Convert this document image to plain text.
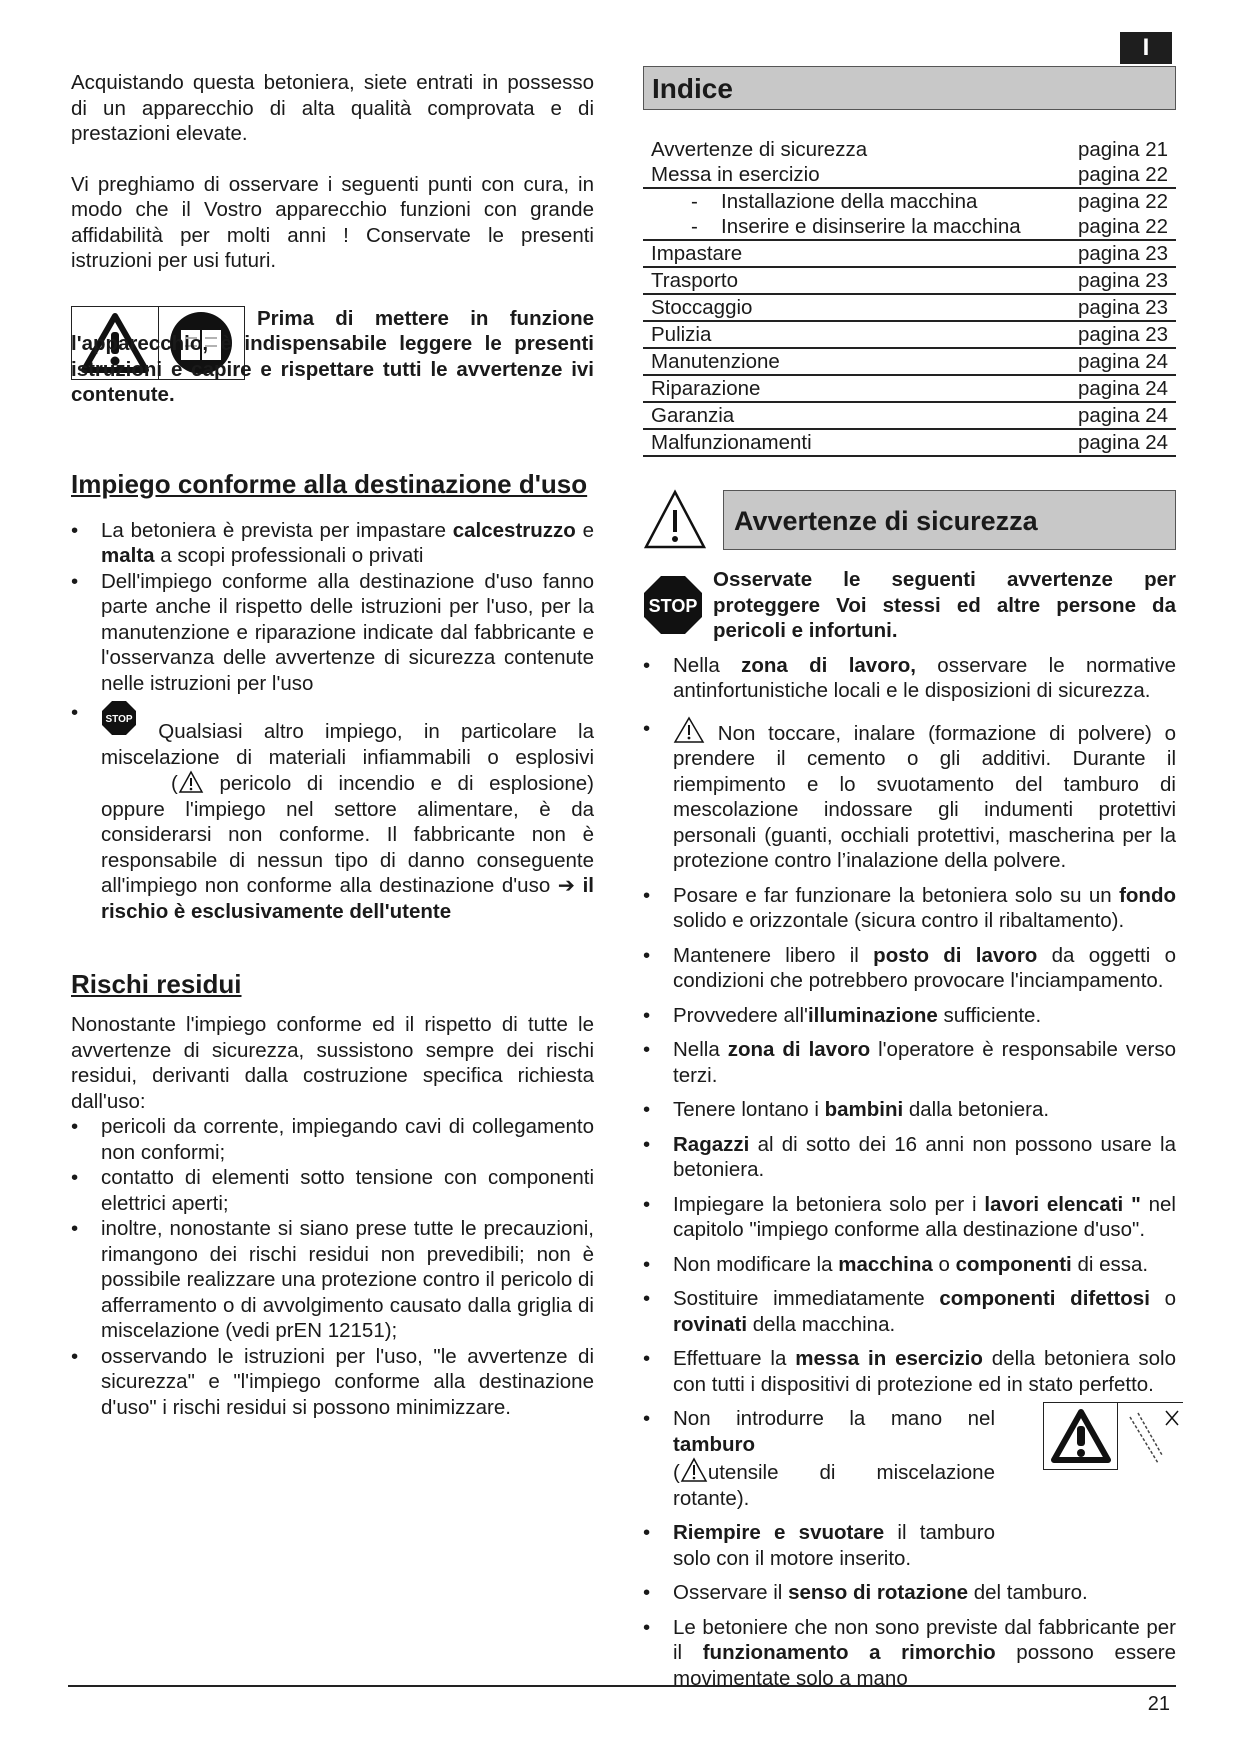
I

Acquistando questa betoniera, siete entrati in possesso di un apparecchio di alta qualità comprovata e di prestazioni elevate.

Vi preghiamo di osservare i seguenti punti con cura, in modo che il Vostro apparecchio funzioni con grande affidabilità per molti anni ! Conservate le presenti istruzioni per usi futuri.

Prima di mettere in funzione l'apparecchio, è indispensabile leggere le presenti istruzioni e capire e rispettare tutti le avvertenze ivi contenute.

Impiego conforme alla destinazione d'uso
• La betoniera è prevista per impastare calcestruzzo e malta a scopi professionali o privati
• Dell'impiego conforme alla destinazione d'uso fanno parte anche il rispetto delle istruzioni per l'uso, per la manutenzione e riparazione indicate dal fabbricante e l'osservanza delle avvertenze di sicurezza contenute nelle istruzioni per l'uso
• STOP
Qualsiasi altro impiego, in particolare la miscelazione di materiali infiammabili o esplosivi ( pericolo di incendio e di esplosione) oppure l'impiego nel settore alimentare, è da considerarsi non conforme. Il fabbricante non è responsabile di nessun tipo di danno conseguente all'impiego non conforme alla destinazione d'uso ➔ il rischio è esclusivamente dell'utente
Rischi residui

Nonostante l'impiego conforme ed il rispetto di tutte le avvertenze di sicurezza, sussistono sempre dei rischi residui, derivanti dalla costruzione specifica richiesta dall'uso:

• pericoli da corrente, impiegando cavi di collegamento non conformi;
• contatto di elementi sotto tensione con componenti elettrici aperti;
• inoltre, nonostante si siano prese tutte le precauzioni, rimangono dei rischi residui non prevedibili; non è possibile realizzare una protezione contro il pericolo di afferramento o di avvolgimento causato dalla griglia di miscelazione (vedi prEN 12151);
• osservando le istruzioni per l'uso, "le avvertenze di sicurezza" e "l'impiego conforme alla destinazione d'uso" i rischi residui si possono minimizzare.
Indice
Avvertenze di sicurezza	pagina 21
Messa in esercizio	pagina 22
- Installazione della macchina	pagina 22
- Inserire e disinserire la macchina	pagina 22
Impastare	pagina 23
Trasporto	pagina 23
Stoccaggio	pagina 23
Pulizia	pagina 23
Manutenzione	pagina 24
Riparazione	pagina 24
Garanzia	pagina 24
Malfunzionamenti	pagina 24
Avvertenze di sicurezza
STOP

Osservate le seguenti avvertenze per proteggere Voi stessi ed altre persone da pericoli e infortuni.

• Nella zona di lavoro, osservare le normative antinfortunistiche locali e le disposizioni di sicurezza.
• Non toccare, inalare (formazione di polvere) o prendere il cemento o gli additivi. Durante il riempimento e lo svuotamento del tamburo di mescolazione indossare gli indumenti protettivi personali (guanti, occhiali protettivi, mascherina per la protezione contro l’inalazione della polvere.
• Posare e far funzionare la betoniera solo su un fondo solido e orizzontale (sicura contro il ribaltamento).
• Mantenere libero il posto di lavoro da oggetti o condizioni che potrebbero provocare l'inciampamento.
• Provvedere all'illuminazione sufficiente.
• Nella zona di lavoro l'operatore è responsabile verso terzi.
• Tenere lontano i bambini dalla betoniera.
• Ragazzi al di sotto dei 16 anni non possono usare la betoniera.
• Impiegare la betoniera solo per i lavori elencati " nel capitolo "impiego conforme alla destinazione d'uso".
• Non modificare la macchina o componenti di essa.
• Sostituire immediatamente componenti difettosi o rovinati della macchina.
• Effettuare la messa in esercizio della betoniera solo con tutti i dispositivi di protezione ed in stato perfetto.
• Non introdurre la mano nel tamburo
( utensile di miscelazione rotante).
• Riempire e svuotare il tamburo solo con il motore inserito.
• Osservare il senso di rotazione del tamburo.
• Le betoniere che non sono previste dal fabbricante per il funzionamento a rimorchio possono essere movimentate solo a mano
21
